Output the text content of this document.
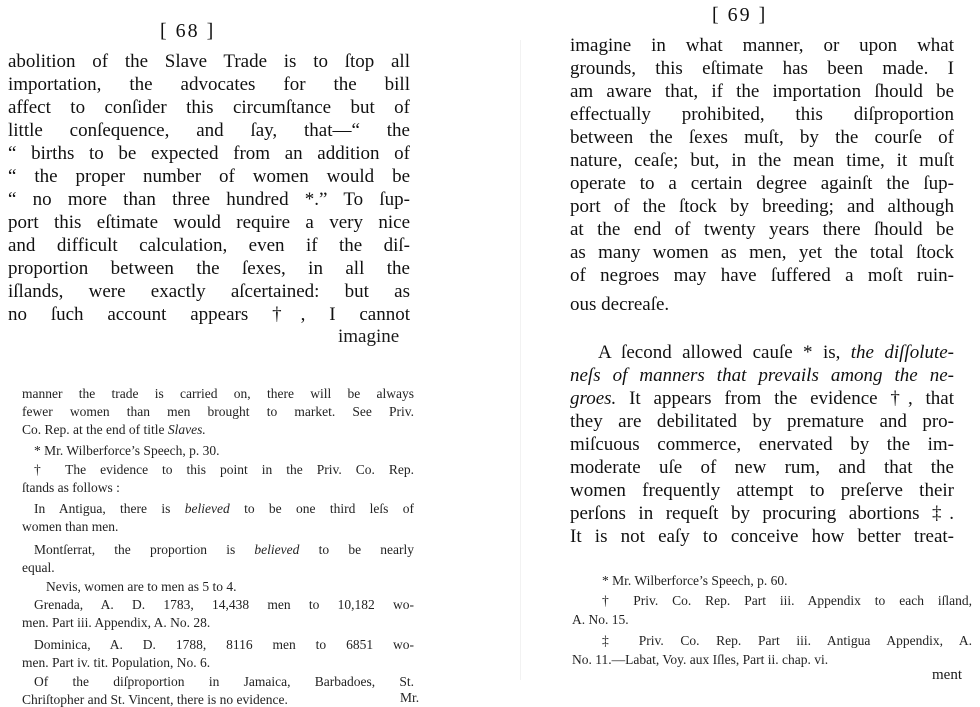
[ 68 ]
abolition of the Slave Trade is to ſtop all
importation, the advocates for the bill
affect to conſider this circumſtance but of
little conſequence, and ſay, that—“ the
“ births to be expected from an addition of
“ the proper number of women would be
“ no more than three hundred *.” To ſup-
port this eſtimate would require a very nice
and difficult calculation, even if the diſ-
proportion between the ſexes, in all the
iſlands, were exactly aſcertained: but as
no ſuch account appears †, I cannot
imagine
manner the trade is carried on, there will be always
fewer women than men brought to market. See Priv.
Co. Rep. at the end of title Slaves.
* Mr. Wilberforce’s Speech, p. 30.
† The evidence to this point in the Priv. Co. Rep.
ſtands as follows :
In Antigua, there is believed to be one third leſs of
women than men.
Montſerrat, the proportion is believed to be nearly
equal.
Nevis, women are to men as 5 to 4.
Grenada, A. D. 1783, 14,438 men to 10,182 wo-
men. Part iii. Appendix, A. No. 28.
Dominica, A. D. 1788, 8116 men to 6851 wo-
men. Part iv. tit. Population, No. 6.
Of the diſproportion in Jamaica, Barbadoes, St.
Chriſtopher and St. Vincent, there is no evidence.	Mr.
[ 69 ]
imagine in what manner, or upon what
grounds, this eſtimate has been made. I
am aware that, if the importation ſhould be
effectually prohibited, this diſproportion
between the ſexes muſt, by the courſe of
nature, ceaſe; but, in the mean time, it muſt
operate to a certain degree againſt the ſup-
port of the ſtock by breeding; and although
at the end of twenty years there ſhould be
as many women as men, yet the total ſtock
of negroes may have ſuffered a moſt ruin-
ous decreaſe.
A ſecond allowed cauſe * is, the diſſolute-
neſs of manners that prevails among the ne-
groes. It appears from the evidence †, that
they are debilitated by premature and pro-
miſcuous commerce, enervated by the im-
moderate uſe of new rum, and that the
women frequently attempt to preſerve their
perſons in requeſt by procuring abortions ‡.
It is not eaſy to conceive how better treat-
* Mr. Wilberforce’s Speech, p. 60.
† Priv. Co. Rep. Part iii. Appendix to each iſland,
A. No. 15.
‡ Priv. Co. Rep. Part iii. Antigua Appendix, A.
No. 11.—Labat, Voy. aux Iſles, Part ii. chap. vi.
ment
